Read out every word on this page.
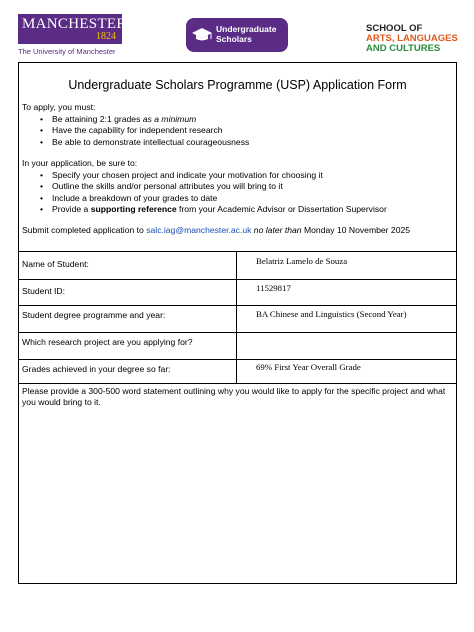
MANCHESTER
1824
The University of Manchester
Undergraduate
Scholars
SCHOOL OF
ARTS, LANGUAGES
AND CULTURES
Undergraduate Scholars Programme (USP) Application Form
To apply, you must:
• Be attaining 2:1 grades as a minimum
• Have the capability for independent research
• Be able to demonstrate intellectual courageousness
In your application, be sure to:
• Specify your chosen project and indicate your motivation for choosing it
• Outline the skills and/or personal attributes you will bring to it
• Include a breakdown of your grades to date
• Provide a supporting reference from your Academic Advisor or Dissertation Supervisor
Submit completed application to salc.iag@manchester.ac.uk no later than Monday 10 November 2025
Name of Student:	Belatriz Lamelo de Souza
Student ID:	11529817
Student degree programme and year:	BA Chinese and Linguistics (Second Year)
Which research project are you applying for?
Grades achieved in your degree so far:	69% First Year Overall Grade
Please provide a 300-500 word statement outlining why you would like to apply for the specific project and what you would bring to it.
